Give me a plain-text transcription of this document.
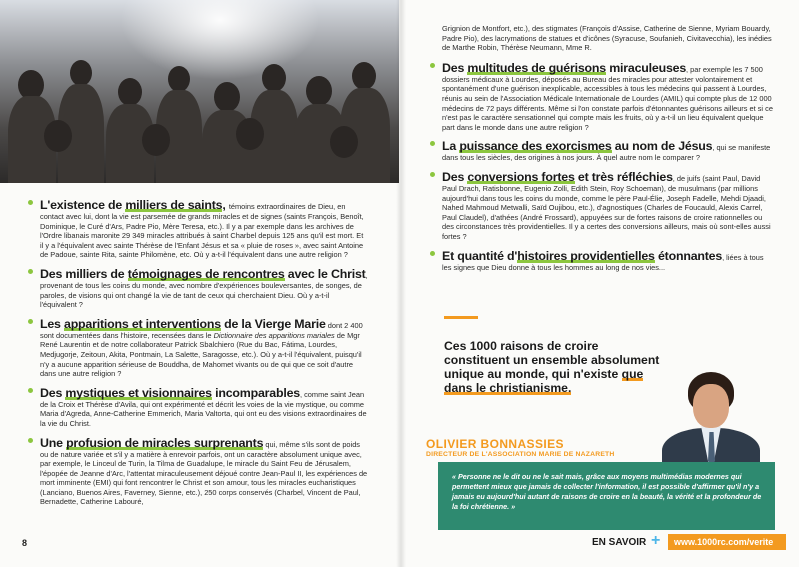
L'existence de milliers de saints, témoins extraordinaires de Dieu, en contact avec lui, dont la vie est parsemée de grands miracles et de signes (saints François, Benoît, Dominique, le Curé d'Ars, Padre Pio, Mère Teresa, etc.). Il y a par exemple dans les archives de l'Ordre libanais maronite 29 349 miracles attribués à saint Charbel depuis 125 ans qu'il est mort. Et il y a l'équivalent avec sainte Thérèse de l'Enfant Jésus et sa « pluie de roses », avec saint Antoine de Padoue, sainte Rita, sainte Philomène, etc. Où y a-t-il l'équivalent dans une autre religion ?
Des milliers de témoignages de rencontres avec le Christ, provenant de tous les coins du monde, avec nombre d'expériences bouleversantes, de songes, de paroles, de visions qui ont changé la vie de tant de ceux qui cherchaient Dieu. Où y a-t-il l'équivalent ?
Les apparitions et interventions de la Vierge Marie dont 2 400 sont documentées dans l'histoire, recensées dans le Dictionnaire des apparitions mariales de Mgr René Laurentin et de notre collaborateur Patrick Sbalchiero (Rue du Bac, Fátima, Lourdes, Medjugorje, Zeitoun, Akita, Pontmain, La Salette, Saragosse, etc.). Où y a-t-il l'équivalent, puisqu'il n'y a aucune apparition sérieuse de Bouddha, de Mahomet vivants ou de qui que ce soit d'autre dans une autre religion ?
Des mystiques et visionnaires incomparables, comme saint Jean de la Croix et Thérèse d'Avila, qui ont expérimenté et décrit les voies de la vie mystique, ou comme Maria d'Agreda, Anne-Catherine Emmerich, Maria Valtorta, qui ont eu des visions extraordinaires de la vie du Christ.
Une profusion de miracles surprenants qui, même s'ils sont de poids ou de nature variée et s'il y a matière à enrevoir parfois, ont un caractère absolument unique avec, par exemple, le Linceul de Turin, la Tilma de Guadalupe, le miracle du Saint Feu de Jérusalem, l'épopée de Jeanne d'Arc, l'attentat miraculeusement déjoué contre Jean-Paul II, les expériences de mort imminente (EMI) qui font rencontrer le Christ et son amour, tous les miracles eucharistiques (Lanciano, Buenos Aires, Faverney, Sienne, etc.), 250 corps conservés (Charbel, Vincent de Paul, Bernadette, Catherine Labouré,
8
Grignion de Montfort, etc.), des stigmates (François d'Assise, Catherine de Sienne, Myriam Bouardy, Padre Pio), des lacrymations de statues et d'icônes (Syracuse, Soufanieh, Civitavecchia), les inédies de Marthe Robin, Thérèse Neumann, Mme R.
Des multitudes de guérisons miraculeuses, par exemple les 7 500 dossiers médicaux à Lourdes, déposés au Bureau des miracles pour attester volontairement et spontanément d'une guérison inexplicable, accessibles à tous les médecins qui passent à Lourdes, réunis au sein de l'Association Médicale Internationale de Lourdes (AMIL) qui compte plus de 12 000 médecins de 72 pays différents. Même si l'on constate parfois d'étonnantes guérisons ailleurs et si ce n'est pas le caractère sensationnel qui compte mais les fruits, où y a-t-il un lieu équivalent quelque part dans le monde dans une autre religion ?
La puissance des exorcismes au nom de Jésus, qui se manifeste dans tous les siècles, des origines à nos jours. À quel autre nom le comparer ?
Des conversions fortes et très réfléchies, de juifs (saint Paul, David Paul Drach, Ratisbonne, Eugenio Zolli, Edith Stein, Roy Schoeman), de musulmans (par millions aujourd'hui dans tous les coins du monde, comme le père Paul-Élie, Joseph Fadelle, Mehdi Djaadi, Nahed Mahmoud Metwalli, Saïd Oujibou, etc.), d'agnostiques (Charles de Foucauld, Alexis Carrel, Paul Claudel), d'athées (André Frossard), appuyées sur de fortes raisons de croire rationnelles ou des circonstances très providentielles. Il y a certes des conversions ailleurs, mais où sont-elles aussi fortes ?
Et quantité d'histoires providentielles étonnantes, liées à tous les signes que Dieu donne à tous les hommes au long de nos vies...
Ces 1000 raisons de croire constituent un ensemble absolument unique au monde, qui n'existe que dans le christianisme.
OLIVIER BONNASSIES
DIRECTEUR DE L'ASSOCIATION MARIE DE NAZARETH
« Personne ne le dit ou ne le sait mais, grâce aux moyens multimédias modernes qui permettent mieux que jamais de collecter l'information, il est possible d'affirmer qu'il n'y a jamais eu aujourd'hui autant de raisons de croire en la beauté, la vérité et la profondeur de la foi chrétienne. »
EN SAVOIR +	www.1000rc.com/verite
